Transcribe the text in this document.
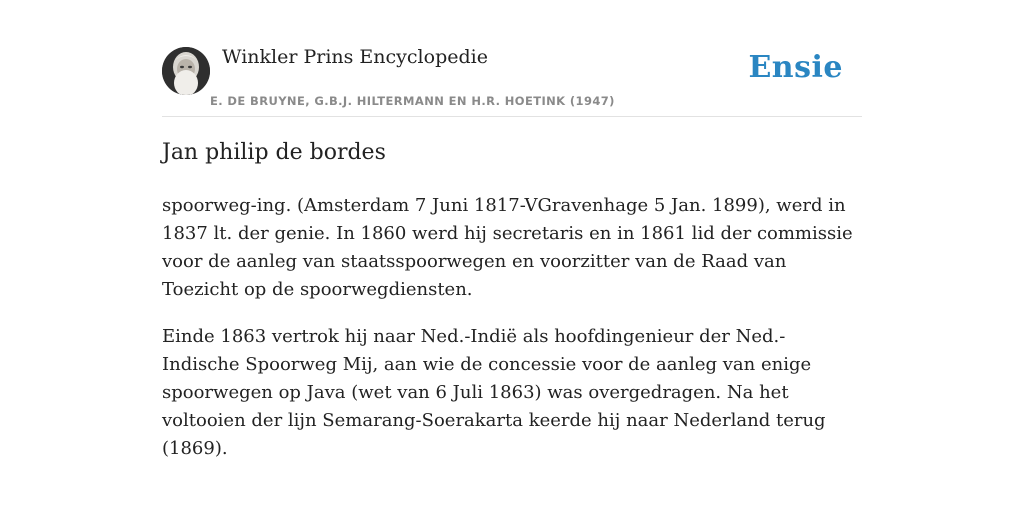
Winkler Prins Encyclopedie
E. DE BRUYNE, G.B.J. HILTERMANN EN H.R. HOETINK (1947)
Ensie
Jan philip de bordes

spoorweg-ing. (Amsterdam 7 Juni 1817-VGravenhage 5 Jan. 1899), werd in 1837 lt. der genie. In 1860 werd hij secretaris en in 1861 lid der commissie voor de aanleg van staatsspoorwegen en voorzitter van de Raad van Toezicht op de spoorwegdiensten.

Einde 1863 vertrok hij naar Ned.-Indië als hoofdingenieur der Ned.-Indische Spoorweg Mij, aan wie de concessie voor de aanleg van enige spoorwegen op Java (wet van 6 Juli 1863) was overgedragen. Na het voltooien der lijn Semarang-Soerakarta keerde hij naar Nederland terug (1869).
